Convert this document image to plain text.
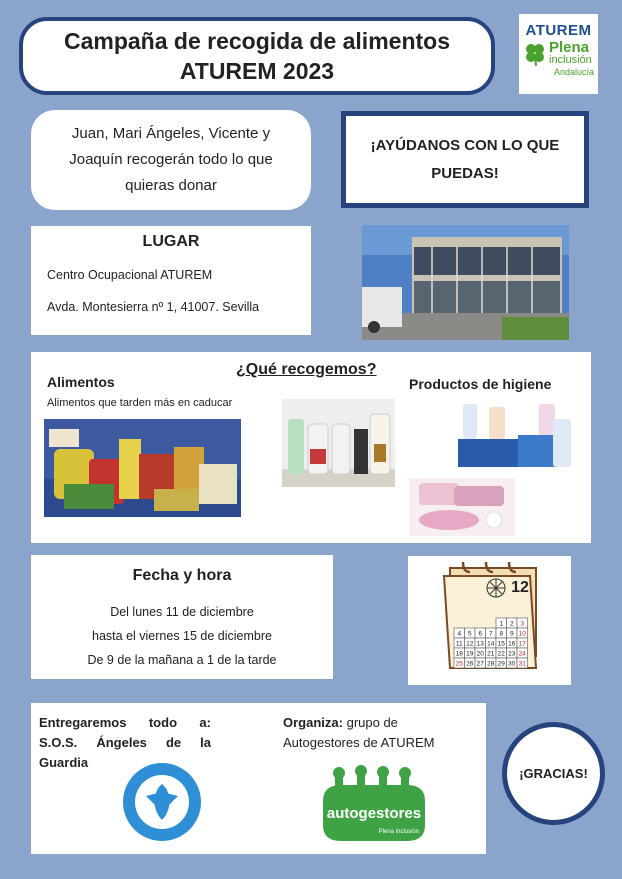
Campaña de recogida de alimentos
ATUREM 2023
ATUREM
Plena
inclusión
Andalucía
Juan, Mari Ángeles, Vicente y
Joaquín recogerán todo lo que
quieras donar
¡AYÚDANOS CON LO QUE
PUEDAS!
LUGAR
Centro Ocupacional ATUREM
Avda. Montesierra nº 1, 41007. Sevilla
¿Qué recogemos?
Alimentos
Alimentos que tarden más en caducar
Productos de higiene
Fecha y hora
Del lunes 11 de diciembre
hasta el viernes 15 de diciembre
De 9 de la mañana a 1 de la tarde
12
1 2 3
4 5 6 7 8 9 10
11 12 13 14 15 16 17
18 19 20 21 22 23 24
25 26 27 28 29 30 31
Entregaremos todo a: S.O.S. Ángeles de la Guardia
Organiza: grupo de Autogestores de ATUREM
autogestores
Plena inclusión
¡GRACIAS!
